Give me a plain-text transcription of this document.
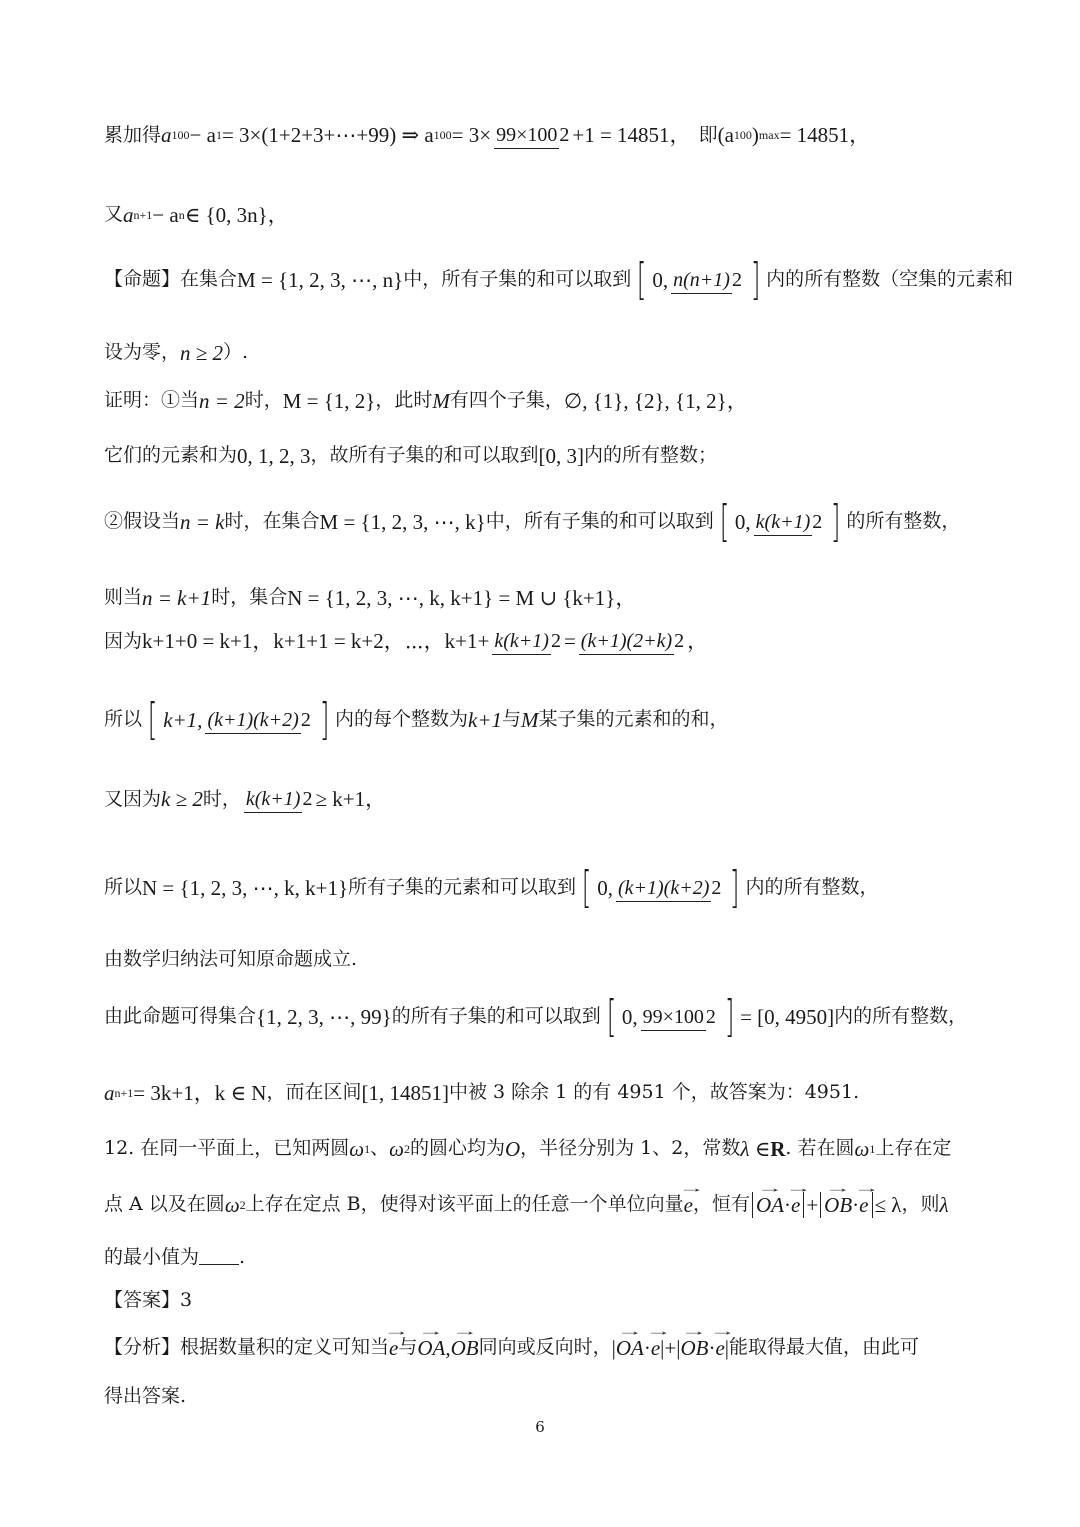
累加得 a 100 − a 1 = 3×(1+2+3+⋯+99) ⇒ a 100 = 3× 99×100 2 +1 = 14851， 即 (a 100 ) max = 14851，
又 a n+1 − a n ∈ {0, 3n}，
【命题】在集合 M = {1, 2, 3, ⋯, n} 中，所有子集的和可以取到 [ 0, n(n+1) 2 ] 内的所有整数（空集的元素和
设为零， n ≥ 2 ）.
证明：①当 n = 2 时， M = {1, 2} ，此时 M 有四个子集， ∅, {1}, {2}, {1, 2}，
它们的元素和为 0, 1, 2, 3 ，故所有子集的和可以取到 [0, 3] 内的所有整数；
②假设当 n = k 时，在集合 M = {1, 2, 3, ⋯, k} 中，所有子集的和可以取到 [ 0, k(k+1) 2 ] 的所有整数，
则当 n = k+1 时，集合 N = {1, 2, 3, ⋯, k, k+1} = M ∪ {k+1}，
因为 k+1+0 = k+1，k+1+1 = k+2，⋯，k+1+ k(k+1) 2 = (k+1)(2+k) 2 ，
所以 [ k+1, (k+1)(k+2) 2 ] 内的每个整数为 k+1 与 M 某子集的元素和的和，
又因为 k ≥ 2 时， k(k+1) 2 ≥ k+1，
所以 N = {1, 2, 3, ⋯, k, k+1} 所有子集的元素和可以取到 [ 0, (k+1)(k+2) 2 ] 内的所有整数，
由数学归纳法可知原命题成立.
由此命题可得集合 {1, 2, 3, ⋯, 99} 的所有子集的和可以取到 [ 0, 99×100 2 ] = [0, 4950] 内的所有整数，
a n+1 = 3k+1，k ∈ N ，而在区间 [1, 14851] 中被 3 除余 1 的有 4951 个，故答案为：4951.
12. 在同一平面上，已知两圆 ω 1 、 ω 2 的圆心均为 O ，半径分别为 1、2，常数 λ ∈ R . 若在圆 ω 1 上存在定
点 A 以及在圆 ω 2 上存在定点 B，使得对该平面上的任意一个单位向量 → e ，恒有 → OA·→ e + → OB·→ e ≤ λ ，则 λ
的最小值为 .
【答案】3
【分析】根据数量积的定义可知当 → e 与 → OA , → OB 同向或反向时， | → OA · → e |+| → OB · → e | 能取得最大值，由此可
得出答案.
6
